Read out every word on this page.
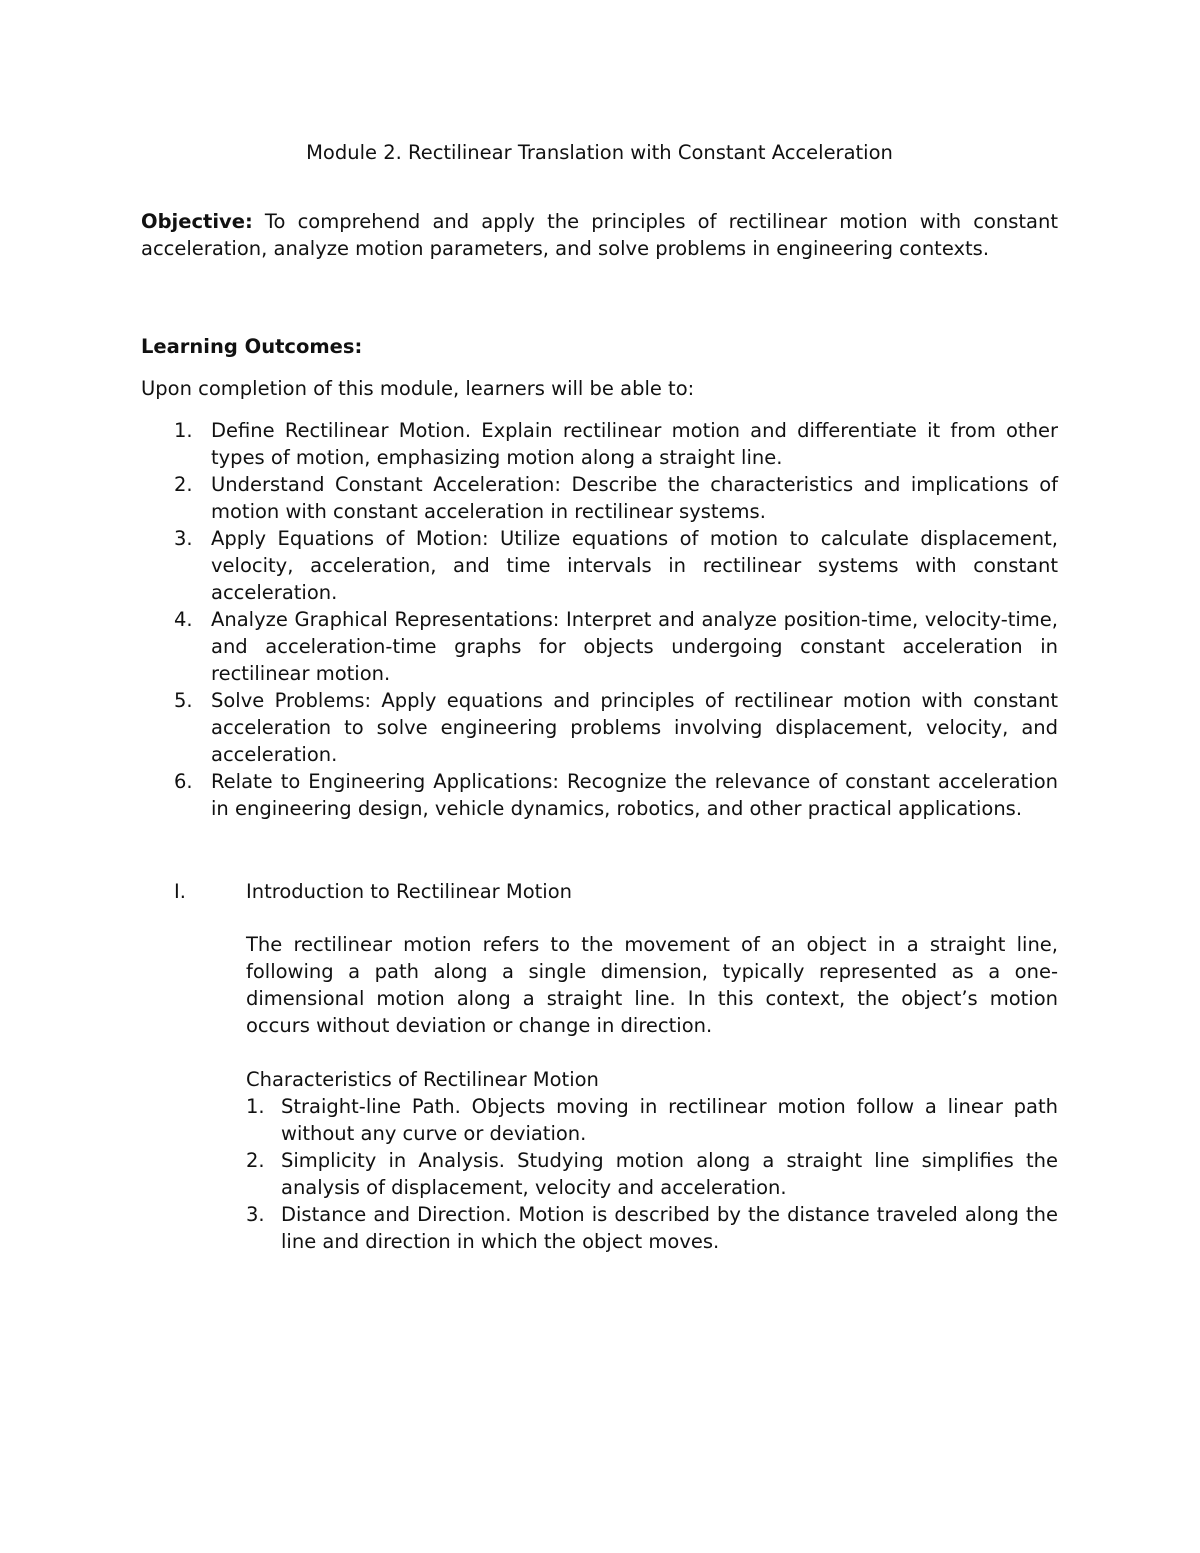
Module 2. Rectilinear Translation with Constant Acceleration

Objective: To comprehend and apply the principles of rectilinear motion with constant acceleration, analyze motion parameters, and solve problems in engineering contexts.

Learning Outcomes:

Upon completion of this module, learners will be able to:

1. Define Rectilinear Motion. Explain rectilinear motion and differentiate it from other types of motion, emphasizing motion along a straight line.
2. Understand Constant Acceleration: Describe the characteristics and implications of motion with constant acceleration in rectilinear systems.
3. Apply Equations of Motion: Utilize equations of motion to calculate displacement, velocity, acceleration, and time intervals in rectilinear systems with constant acceleration.
4. Analyze Graphical Representations: Interpret and analyze position-time, velocity-time, and acceleration-time graphs for objects undergoing constant acceleration in rectilinear motion.
5. Solve Problems: Apply equations and principles of rectilinear motion with constant acceleration to solve engineering problems involving displacement, velocity, and acceleration.
6. Relate to Engineering Applications: Recognize the relevance of constant acceleration in engineering design, vehicle dynamics, robotics, and other practical applications.
I.	Introduction to Rectilinear Motion

The rectilinear motion refers to the movement of an object in a straight line, following a path along a single dimension, typically represented as a one-dimensional motion along a straight line. In this context, the object’s motion occurs without deviation or change in direction.

Characteristics of Rectilinear Motion

1. Straight-line Path. Objects moving in rectilinear motion follow a linear path without any curve or deviation.
2. Simplicity in Analysis. Studying motion along a straight line simplifies the analysis of displacement, velocity and acceleration.
3. Distance and Direction. Motion is described by the distance traveled along the line and direction in which the object moves.
